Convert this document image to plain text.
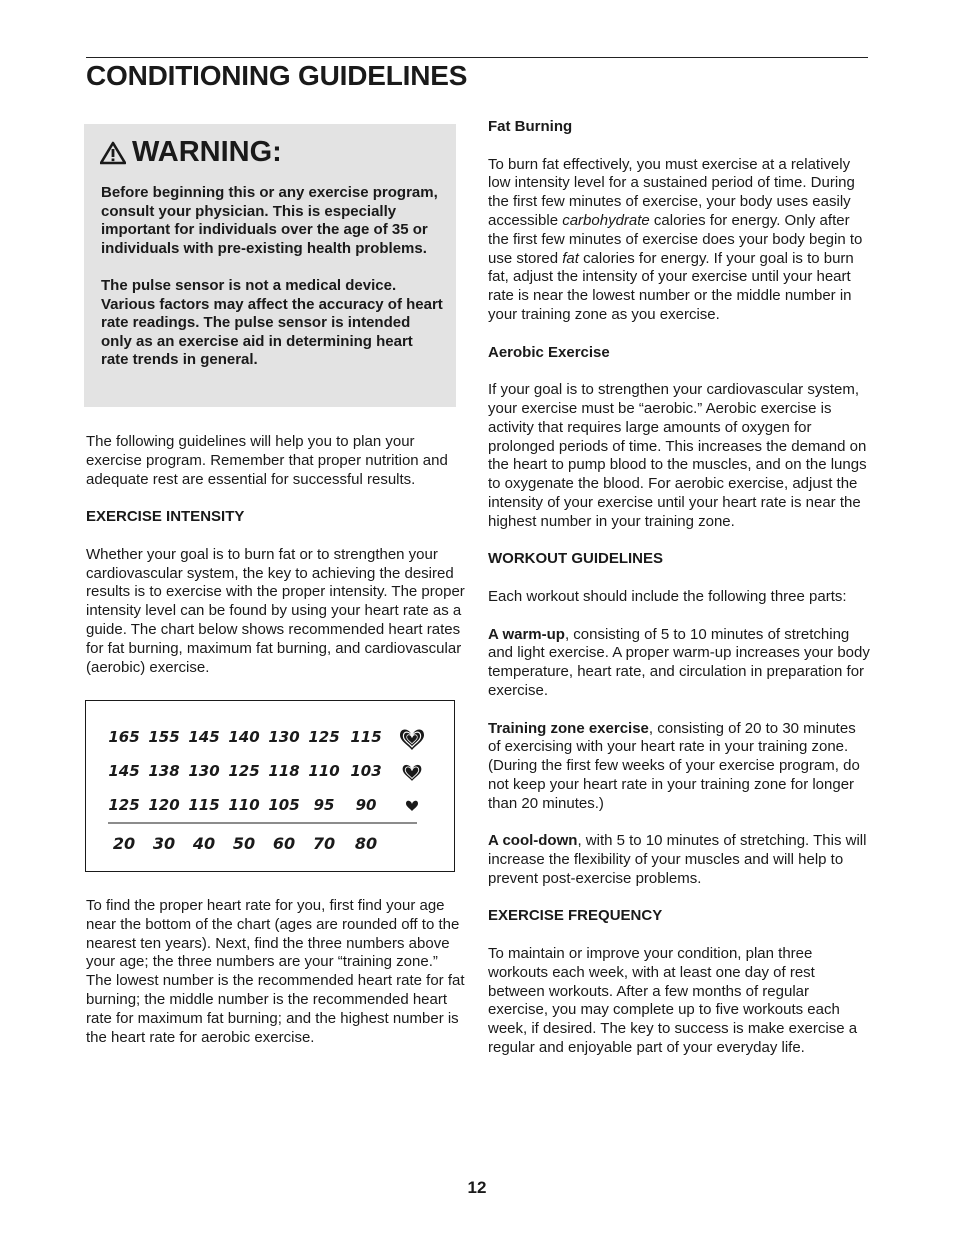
CONDITIONING GUIDELINES
WARNING:

Before beginning this or any exercise program, consult your physician. This is especially important for individuals over the age of 35 or individuals with pre-existing health problems.

The pulse sensor is not a medical device. Various factors may affect the accuracy of heart rate readings. The pulse sensor is intended only as an exercise aid in determining heart rate trends in general.

The following guidelines will help you to plan your exercise program. Remember that proper nutrition and adequate rest are essential for successful results.

EXERCISE INTENSITY

Whether your goal is to burn fat or to strengthen your cardiovascular system, the key to achieving the desired results is to exercise with the proper intensity. The proper intensity level can be found by using your heart rate as a guide. The chart below shows recommended heart rates for fat burning, maximum fat burning, and cardiovascular (aerobic) exercise.

165 155 145 140 130 125 115
145 138 130 125 118 110 103
125 120 115 110 105 95 90
20 30 40 50 60 70 80

To find the proper heart rate for you, first find your age near the bottom of the chart (ages are rounded off to the nearest ten years). Next, find the three numbers above your age; the three numbers are your “training zone.” The lowest number is the recommended heart rate for fat burning; the middle number is the recommended heart rate for maximum fat burning; and the highest number is the heart rate for aerobic exercise.

Fat Burning

To burn fat effectively, you must exercise at a relatively low intensity level for a sustained period of time. During the first few minutes of exercise, your body uses easily accessible carbohydrate calories for energy. Only after the first few minutes of exercise does your body begin to use stored fat calories for energy. If your goal is to burn fat, adjust the intensity of your exercise until your heart rate is near the lowest number or the middle number in your training zone as you exercise.

Aerobic Exercise

If your goal is to strengthen your cardiovascular system, your exercise must be “aerobic.” Aerobic exercise is activity that requires large amounts of oxygen for prolonged periods of time. This increases the demand on the heart to pump blood to the muscles, and on the lungs to oxygenate the blood. For aerobic exercise, adjust the intensity of your exercise until your heart rate is near the highest number in your training zone.

WORKOUT GUIDELINES

Each workout should include the following three parts:

A warm-up, consisting of 5 to 10 minutes of stretching and light exercise. A proper warm-up increases your body temperature, heart rate, and circulation in preparation for exercise.

Training zone exercise, consisting of 20 to 30 minutes of exercising with your heart rate in your training zone. (During the first few weeks of your exercise program, do not keep your heart rate in your training zone for longer than 20 minutes.)

A cool-down, with 5 to 10 minutes of stretching. This will increase the flexibility of your muscles and will help to prevent post-exercise problems.

EXERCISE FREQUENCY

To maintain or improve your condition, plan three workouts each week, with at least one day of rest between workouts. After a few months of regular exercise, you may complete up to five workouts each week, if desired. The key to success is make exercise a regular and enjoyable part of your everyday life.

12
